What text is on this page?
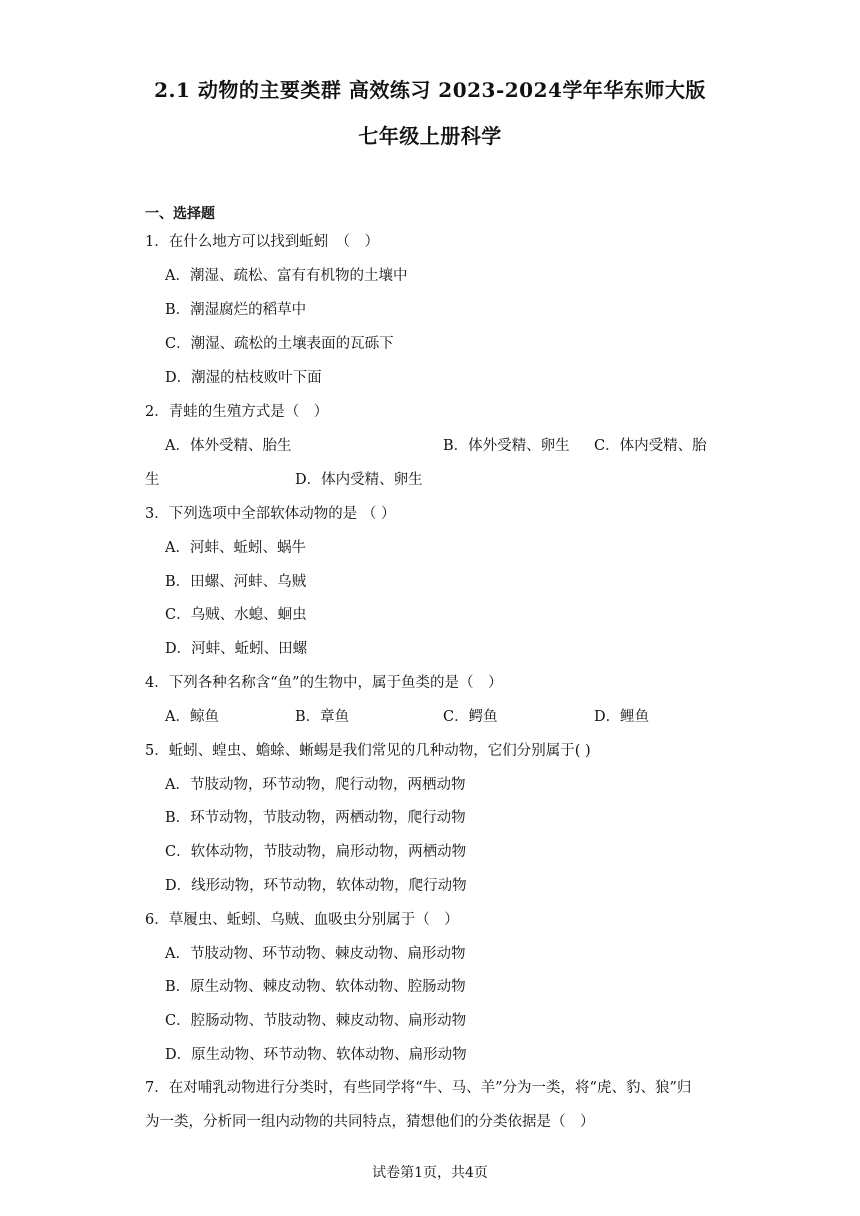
2.1 动物的主要类群 高效练习 2023-2024学年华东师大版
七年级上册科学
一、选择题
1．在什么地方可以找到蚯蚓　（　）
A．潮湿、疏松、富有有机物的土壤中
B．潮湿腐烂的稻草中
C．潮湿、疏松的土壤表面的瓦砾下
D．潮湿的枯枝败叶下面
2．青蛙的生殖方式是（　）
A．体外受精、胎生	B．体外受精、卵生 C．体内受精、胎
生	D．体内受精、卵生
3．下列选项中全部软体动物的是 （ ）
A．河蚌、蚯蚓、蜗牛
B．田螺、河蚌、乌贼
C．乌贼、水螅、蛔虫
D．河蚌、蚯蚓、田螺
4．下列各种名称含“鱼”的生物中，属于鱼类的是（　）
A．鲸鱼	B．章鱼	C．鳄鱼	D．鲤鱼
5．蚯蚓、蝗虫、蟾蜍、蜥蜴是我们常见的几种动物，它们分别属于( )
A．节肢动物，环节动物，爬行动物，两栖动物
B．环节动物，节肢动物，两栖动物，爬行动物
C．软体动物，节肢动物，扁形动物，两栖动物
D．线形动物，环节动物，软体动物，爬行动物
6．草履虫、蚯蚓、乌贼、血吸虫分别属于（　）
A．节肢动物、环节动物、棘皮动物、扁形动物
B．原生动物、棘皮动物、软体动物、腔肠动物
C．腔肠动物、节肢动物、棘皮动物、扁形动物
D．原生动物、环节动物、软体动物、扁形动物
7．在对哺乳动物进行分类时，有些同学将“牛、马、羊”分为一类，将“虎、豹、狼”归
为一类，分析同一组内动物的共同特点，猜想他们的分类依据是（　）
试卷第1页，共4页
